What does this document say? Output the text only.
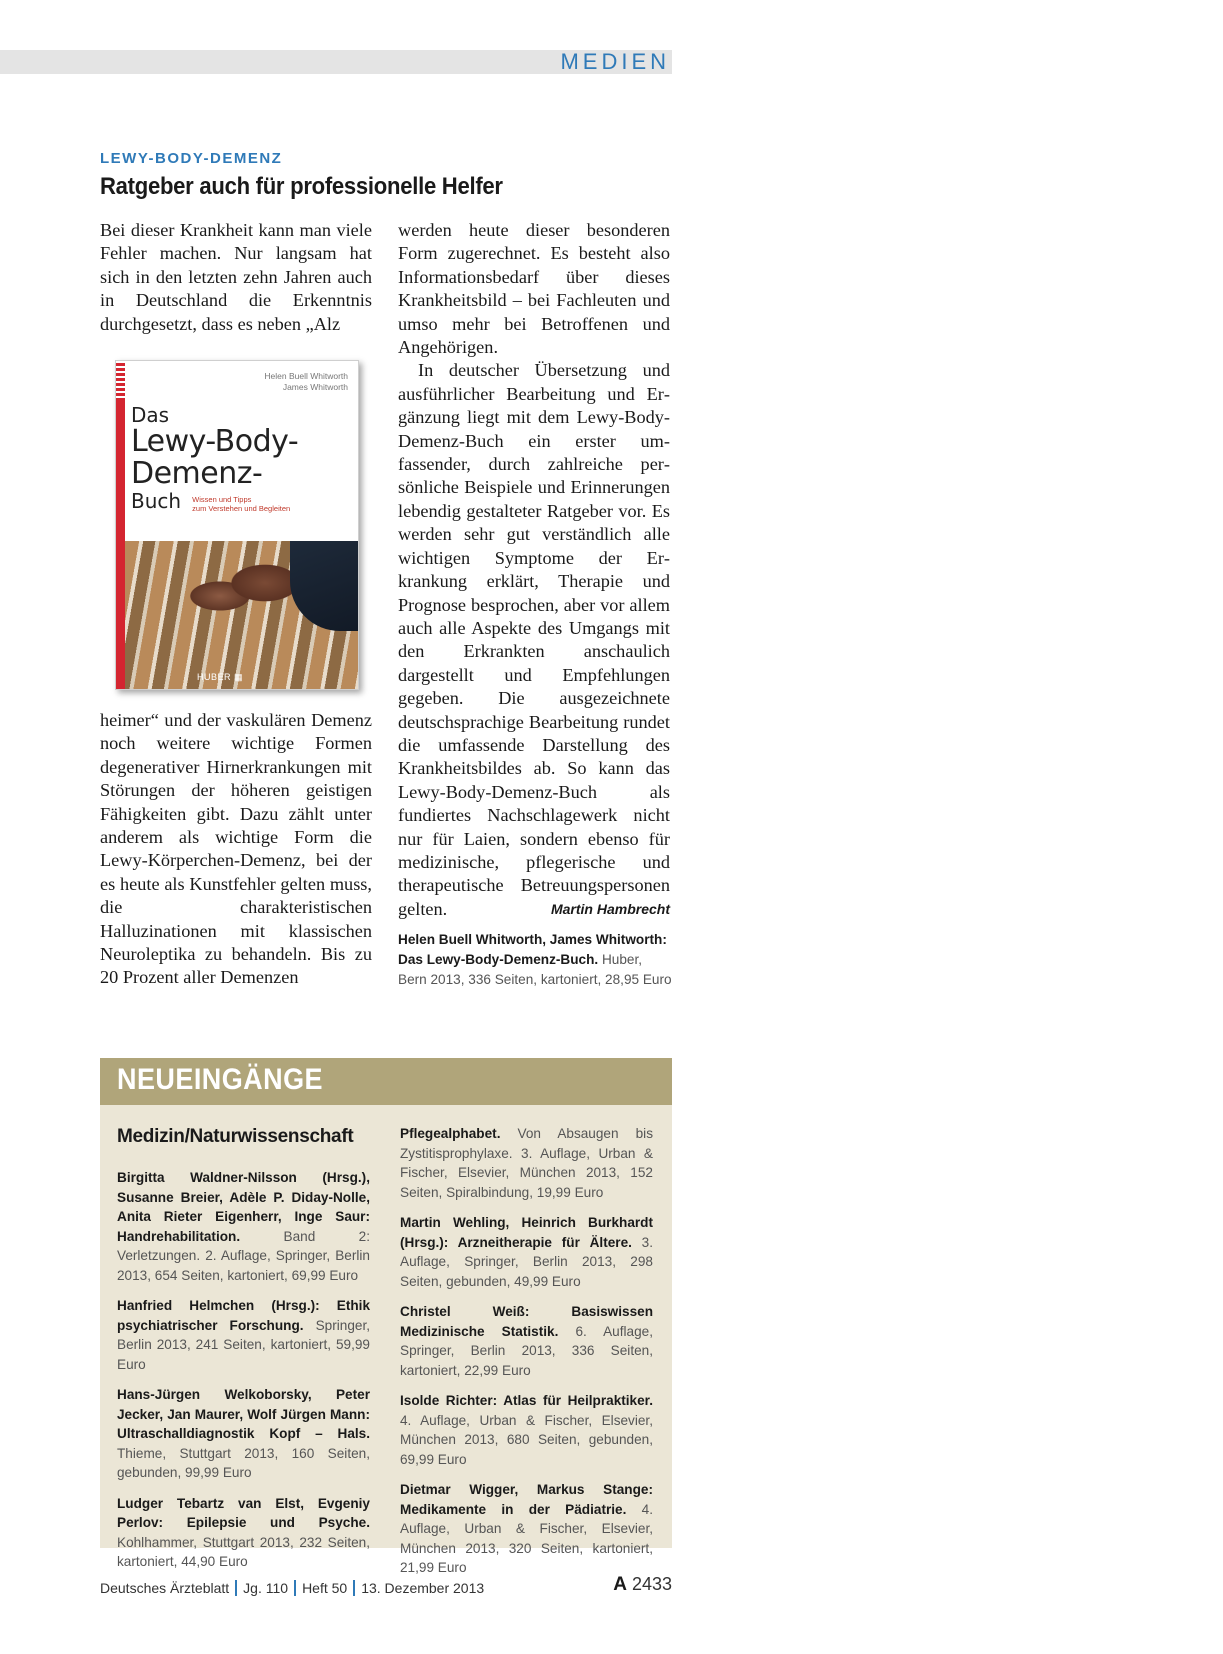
MEDIEN
LEWY-BODY-DEMENZ
Ratgeber auch für professionelle Helfer

Bei dieser Krankheit kann man viele Fehler machen. Nur langsam hat sich in den letzten zehn Jahren auch in Deutschland die Erkenntnis durchgesetzt, dass es neben „Alz

Helen Buell Whitworth
James Whitworth
Das
Lewy-Body-
Demenz-
Buch Wissen und Tipps
zum Verstehen und Begleiten
HUBER ▦

heimer“ und der vaskulären Demenz noch weitere wichtige Formen degenerativer Hirnerkrankungen mit Störungen der höheren geistigen Fähigkeiten gibt. Dazu zählt unter anderem als wichtige Form die Lewy-Körperchen-Demenz, bei der es heute als Kunstfehler gelten muss, die charakteristischen Halluzinationen mit klassischen Neuroleptika zu behandeln. Bis zu 20 Prozent aller Demenzen

werden heute dieser besonderen Form zugerechnet. Es besteht also Informationsbedarf über dieses Krankheitsbild – bei Fachleuten und umso mehr bei Betroffenen und Angehörigen.

In deutscher Übersetzung und ausführlicher Bearbeitung und Ergänzung liegt mit dem Lewy-Body-Demenz-Buch ein erster umfassender, durch zahlreiche persönliche Beispiele und Erinnerungen lebendig gestalteter Ratgeber vor. Es werden sehr gut verständlich alle wichtigen Symptome der Erkrankung erklärt, Therapie und Prognose besprochen, aber vor allem auch alle Aspekte des Umgangs mit den Erkrankten anschaulich dargestellt und Empfehlungen gegeben. Die ausgezeichnete deutschsprachige Bearbeitung rundet die umfassende Darstellung des Krankheitsbildes ab. So kann das Lewy-Body-Demenz-Buch als fundiertes Nachschlagewerk nicht nur für Laien, sondern ebenso für medizinische, pflegerische und therapeutische Betreuungspersonen gelten.	Martin Hambrecht

Helen Buell Whitworth, James Whitworth: Das Lewy-Body-Demenz-Buch. Huber, Bern 2013, 336 Seiten, kartoniert, 28,95 Euro
NEUEINGÄNGE
Medizin/Naturwissenschaft
Birgitta Waldner-Nilsson (Hrsg.), Susanne Breier, Adèle P. Diday-Nolle, Anita Rieter Eigenherr, Inge Saur: Handrehabilitation. Band 2: Verletzungen. 2. Auflage, Springer, Berlin 2013, 654 Seiten, kartoniert, 69,99 Euro
Hanfried Helmchen (Hrsg.): Ethik psychiatrischer Forschung. Springer, Berlin 2013, 241 Seiten, kartoniert, 59,99 Euro
Hans-Jürgen Welkoborsky, Peter Jecker, Jan Maurer, Wolf Jürgen Mann: Ultraschalldiagnostik Kopf – Hals. Thieme, Stuttgart 2013, 160 Seiten, gebunden, 99,99 Euro
Ludger Tebartz van Elst, Evgeniy Perlov: Epilepsie und Psyche. Kohlhammer, Stuttgart 2013, 232 Seiten, kartoniert, 44,90 Euro
Pflegealphabet. Von Absaugen bis Zystitisprophylaxe. 3. Auflage, Urban & Fischer, Elsevier, München 2013, 152 Seiten, Spiralbindung, 19,99 Euro
Martin Wehling, Heinrich Burkhardt (Hrsg.): Arzneitherapie für Ältere. 3. Auflage, Springer, Berlin 2013, 298 Seiten, gebunden, 49,99 Euro
Christel Weiß: Basiswissen Medizinische Statistik. 6. Auflage, Springer, Berlin 2013, 336 Seiten, kartoniert, 22,99 Euro
Isolde Richter: Atlas für Heilpraktiker. 4. Auflage, Urban & Fischer, Elsevier, München 2013, 680 Seiten, gebunden, 69,99 Euro
Dietmar Wigger, Markus Stange: Medikamente in der Pädiatrie. 4. Auflage, Urban & Fischer, Elsevier, München 2013, 320 Seiten, kartoniert, 21,99 Euro
Deutsches Ärzteblatt Jg. 110 Heft 50 13. Dezember 2013	A 2433
